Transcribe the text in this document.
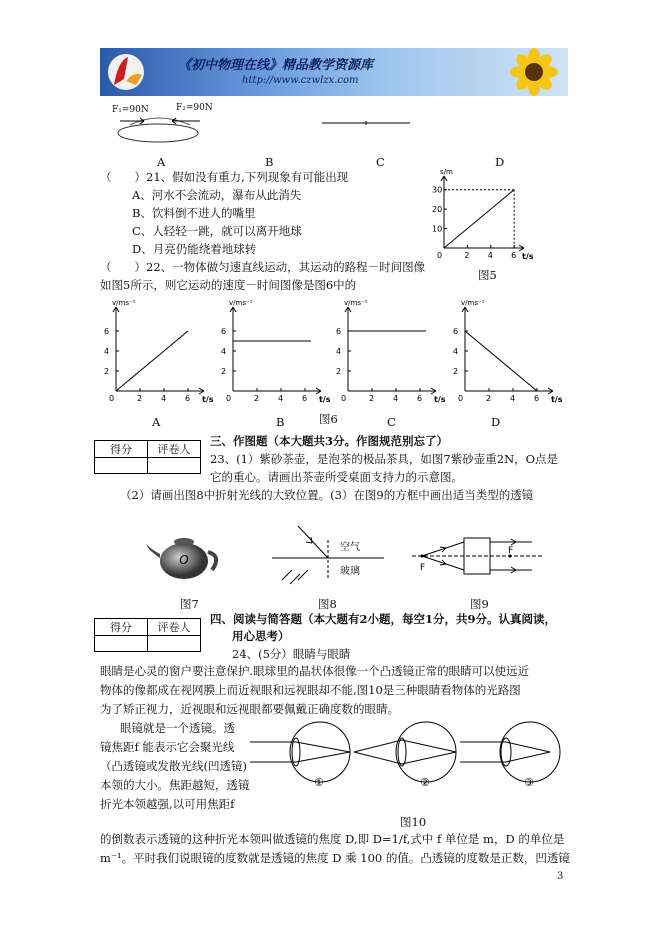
《初中物理在线》精品教学资源库
http://www.czwlzx.com
F₁=90N	F₂=90N
A	B	C	D
（　　）21、假如没有重力,下列现象有可能出现
A、河水不会流动，瀑布从此消失
B、饮料倒不进人的嘴里
C、人轻轻一跳，就可以离开地球
D、月亮仍能绕着地球转
（　　）22、一物体做匀速直线运动，其运动的路程－时间图像
如图5所示，则它运动的速度－时间图像是图6中的
2 4 6
10
20
30
s/m
t/s
0
图5
2 4 6
2
4
6
v/ms⁻¹
t/s
0	2 4 6
2
4
6
v/ms⁻¹
t/s
0	2 4 6
2
4
6
v/ms⁻¹
t/s
0	2 4 6
2
4
6
v/ms⁻¹
t/s
0
A	B	图6	C	D
得分	评卷人

三、作图题（本大题共3分。作图规范别忘了）
23、(1）紫砂茶壶，是泡茶的极品茶具，如图7紫砂壶重2N，O点是
它的重心。请画出茶壶所受桌面支持力的示意图。
（2）请画出图8中折射光线的大致位置。(3）在图9的方框中画出适当类型的透镜
O
图7
空气
玻璃
图8
F
F
图9
得分	评卷人

四、阅读与简答题（本大题有2小题，每空1分，共9分。认真阅读，
用心思考）
24、(5分）眼睛与眼睛
眼睛是心灵的窗户要注意保护.眼球里的晶状体很像一个凸透镜正常的眼睛可以使远近
物体的像都成在视网膜上而近视眼和远视眼却不能,图10是三种眼睛看物体的光路图
为了矫正视力，近视眼和远视眼都要佩戴正确度数的眼睛。
眼镜就是一个透镜。透
镜焦距f 能表示它会聚光线
（凸透镜或发散光线(凹透镜)
本领的大小。焦距越短，透镜
折光本领越强,以可用焦距f
①	②	③
图10
的倒数表示透镜的这种折光本领叫做透镜的焦度 D,即 D=1/f,式中 f 单位是 m，D 的单位是
m⁻¹。平时我们说眼镜的度数就是透镜的焦度 D 乘 100 的值。凸透镜的度数是正数，凹透镜
3
